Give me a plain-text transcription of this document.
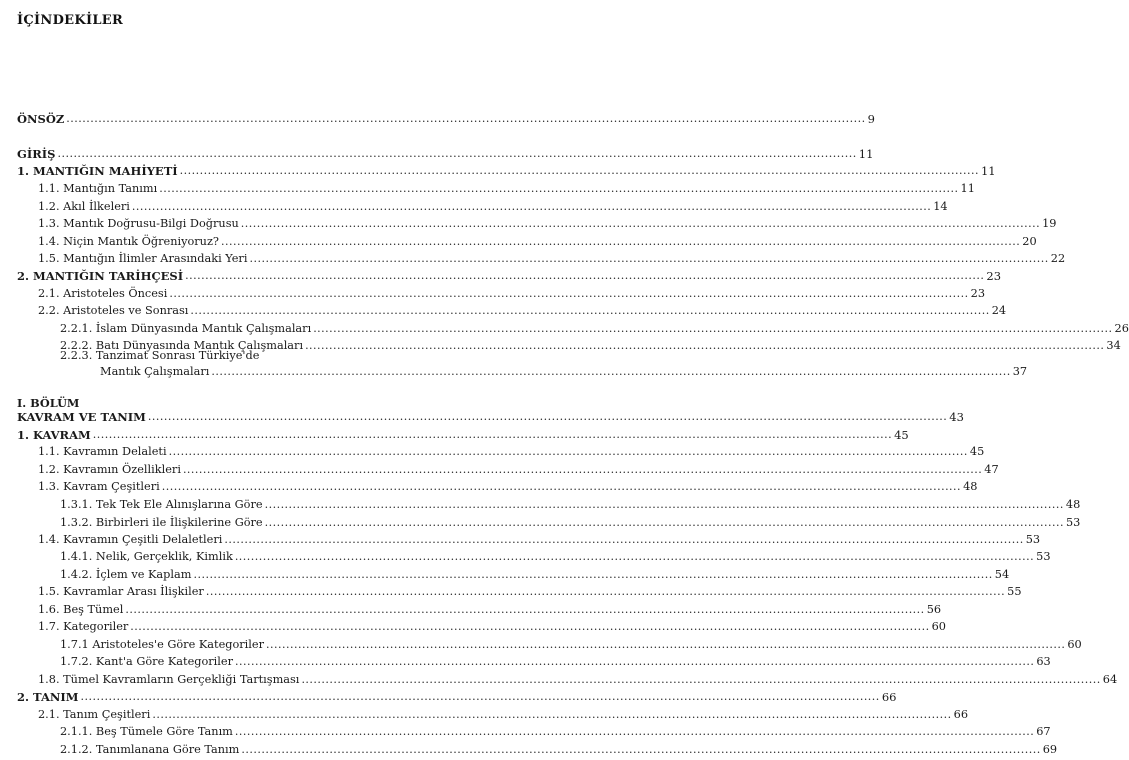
İÇİNDEKİLER
ÖNSÖZ ........................................................................................................................................................................................................ 9
GİRİŞ ........................................................................................................................................................................................................ 11
1. MANTIĞIN MAHİYETİ ........................................................................................................................................................................................................ 11
1.1. Mantığın Tanımı ........................................................................................................................................................................................................ 11
1.2. Akıl İlkeleri ........................................................................................................................................................................................................ 14
1.3. Mantık Doğrusu-Bilgi Doğrusu ........................................................................................................................................................................................................ 19
1.4. Niçin Mantık Öğreniyoruz? ........................................................................................................................................................................................................ 20
1.5. Mantığın İlimler Arasındaki Yeri ........................................................................................................................................................................................................ 22
2. MANTIĞIN TARİHÇESİ ........................................................................................................................................................................................................ 23
2.1. Aristoteles Öncesi ........................................................................................................................................................................................................ 23
2.2. Aristoteles ve Sonrası ........................................................................................................................................................................................................ 24
2.2.1. İslam Dünyasında Mantık Çalışmaları ........................................................................................................................................................................................................ 26
2.2.2. Batı Dünyasında Mantık Çalışmaları ........................................................................................................................................................................................................ 34
2.2.3. Tanzimat Sonrası Türkiye'de
Mantık Çalışmaları ........................................................................................................................................................................................................ 37
I. BÖLÜM
KAVRAM VE TANIM ........................................................................................................................................................................................................ 43
1. KAVRAM ........................................................................................................................................................................................................ 45
1.1. Kavramın Delaleti ........................................................................................................................................................................................................ 45
1.2. Kavramın Özellikleri ........................................................................................................................................................................................................ 47
1.3. Kavram Çeşitleri ........................................................................................................................................................................................................ 48
1.3.1. Tek Tek Ele Alınışlarına Göre ........................................................................................................................................................................................................ 48
1.3.2. Birbirleri ile İlişkilerine Göre ........................................................................................................................................................................................................ 53
1.4. Kavramın Çeşitli Delaletleri ........................................................................................................................................................................................................ 53
1.4.1. Nelik, Gerçeklik, Kimlik ........................................................................................................................................................................................................ 53
1.4.2. İçlem ve Kaplam ........................................................................................................................................................................................................ 54
1.5. Kavramlar Arası İlişkiler ........................................................................................................................................................................................................ 55
1.6. Beş Tümel ........................................................................................................................................................................................................ 56
1.7. Kategoriler ........................................................................................................................................................................................................ 60
1.7.1 Aristoteles'e Göre Kategoriler ........................................................................................................................................................................................................ 60
1.7.2. Kant'a Göre Kategoriler ........................................................................................................................................................................................................ 63
1.8. Tümel Kavramların Gerçekliği Tartışması ........................................................................................................................................................................................................ 64
2. TANIM ........................................................................................................................................................................................................ 66
2.1. Tanım Çeşitleri ........................................................................................................................................................................................................ 66
2.1.1. Beş Tümele Göre Tanım ........................................................................................................................................................................................................ 67
2.1.2. Tanımlanana Göre Tanım ........................................................................................................................................................................................................ 69
